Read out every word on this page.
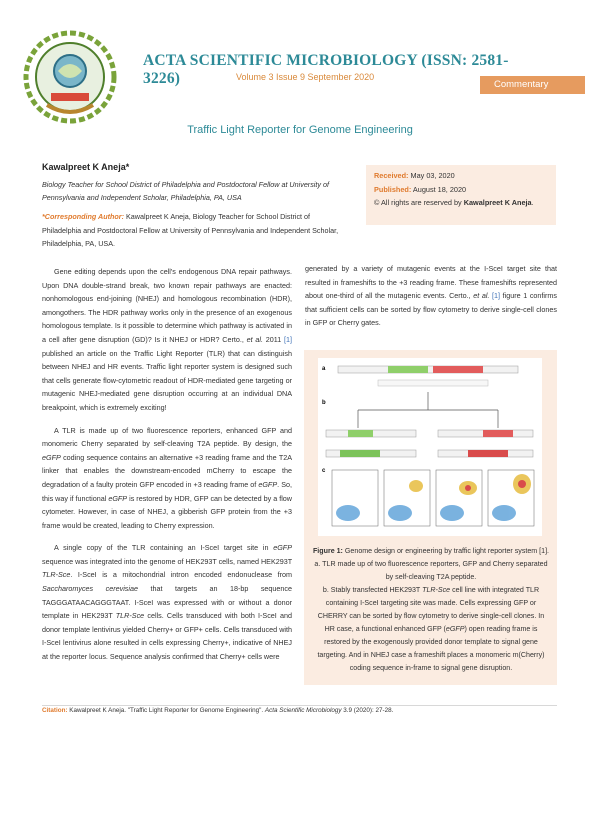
ACTA SCIENTIFIC MICROBIOLOGY (ISSN: 2581-3226)	Volume 3 Issue 9 September 2020
Commentary
Traffic Light Reporter for Genome Engineering
Kawalpreet K Aneja*
Biology Teacher for School District of Philadelphia and Postdoctoral Fellow at University of Pennsylvania and Independent Scholar, Philadelphia, PA, USA
*Corresponding Author: Kawalpreet K Aneja, Biology Teacher for School District of Philadelphia and Postdoctoral Fellow at University of Pennsylvania and Independent Scholar, Philadelphia, PA, USA.
Received: May 03, 2020
Published: August 18, 2020
© All rights are reserved by Kawalpreet K Aneja.

Gene editing depends upon the cell's endogenous DNA repair pathways. Upon DNA double-strand break, two known repair pathways are enacted: nonhomologous end-joining (NHEJ) and homologous recombination (HDR), amongothers. The HDR pathway works only in the presence of an exogenous homologous template. Is it possible to determine which pathway is activated in a cell after gene disruption (GD)? Is it NHEJ or HDR? Certo., et al. 2011 [1] published an article on the Traffic Light Reporter (TLR) that can distinguish between NHEJ and HR events. Traffic light reporter system is designed such that cells generate flow-cytometric readout of HDR-mediated gene targeting or mutagenic NHEJ-mediated gene disruption occurring at an individual DNA breakpoint, which is extremely exciting!

A TLR is made up of two fluorescence reporters, enhanced GFP and monomeric Cherry separated by self-cleaving T2A peptide. By design, the eGFP coding sequence contains an alternative +3 reading frame and the T2A linker that enables the downstream-encoded mCherry to escape the degradation of a faulty protein GFP encoded in +3 reading frame of eGFP. So, this way if functional eGFP is restored by HDR, GFP can be detected by a flow cytometer. However, in case of NHEJ, a gibberish GFP protein from the +3 frame would be created, leading to Cherry expression.

A single copy of the TLR containing an I-SceI target site in eGFP sequence was integrated into the genome of HEK293T cells, named HEK293T TLR-Sce. I-SceI is a mitochondrial intron encoded endonuclease from Saccharomyces cerevisiae that targets an 18-bp sequence TAGGGATAACAGGGTAAT. I-SceI was expressed with or without a donor template in HEK293T TLR-Sce cells. Cells transduced with both I-SceI and donor template lentivirus yielded Cherry+ or GFP+ cells. Cells transduced with I-SceI lentivirus alone resulted in cells expressing Cherry+, indicative of NHEJ at the reporter locus. Sequence analysis confirmed that Cherry+ cells were

generated by a variety of mutagenic events at the I-SceI target site that resulted in frameshifts to the +3 reading frame. These frameshifts represented about one-third of all the mutagenic events. Certo., et al. [1] figure 1 confirms that sufficient cells can be sorted by flow cytometry to derive single-cell clones in GFP or Cherry gates.

a
b
c
Figure 1: Genome design or engineering by traffic light reporter system [1].
a. TLR made up of two fluorescence reporters, GFP and Cherry separated by self-cleaving T2A peptide.
b. Stably transfected HEK293T TLR-Sce cell line with integrated TLR containing I-SceI targeting site was made. Cells expressing GFP or CHERRY can be sorted by flow cytometry to derive single-cell clones. In HR case, a functional enhanced GFP (eGFP) open reading frame is restored by the exogenously provided donor template to signal gene targeting. And in NHEJ case a frameshift places a monomeric m(Cherry) coding sequence in-frame to signal gene disruption.
Citation: Kawalpreet K Aneja. "Traffic Light Reporter for Genome Engineering". Acta Scientific Microbiology 3.9 (2020): 27-28.
